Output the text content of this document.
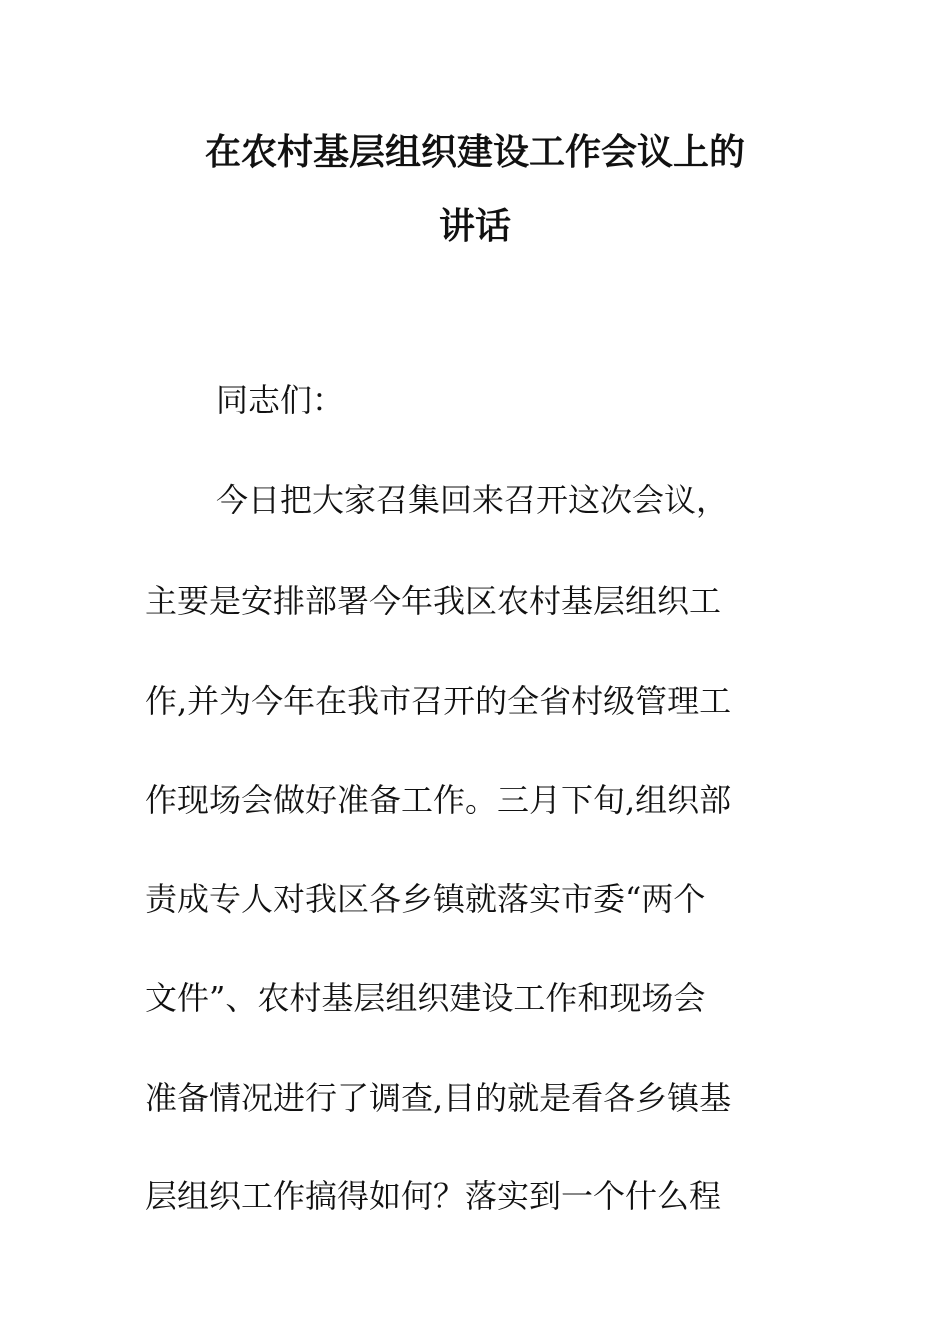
在农村基层组织建设工作会议上的
讲话
同志们：
今日把大家召集回来召开这次会议，
主要是安排部署今年我区农村基层组织工
作,并为今年在我市召开的全省村级管理工
作现场会做好准备工作。三月下旬,组织部
责成专人对我区各乡镇就落实市委“两个
文件”、农村基层组织建设工作和现场会
准备情况进行了调查,目的就是看各乡镇基
层组织工作搞得如何？落实到一个什么程
